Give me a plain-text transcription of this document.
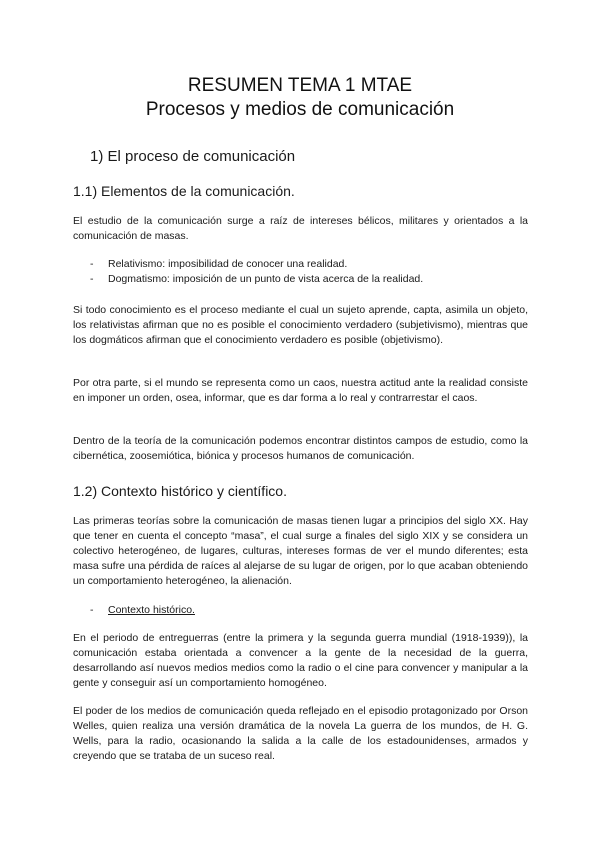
RESUMEN TEMA 1 MTAE
Procesos y medios de comunicación
1) El proceso de comunicación
1.1) Elementos de la comunicación.

El estudio de la comunicación surge a raíz de intereses bélicos, militares y orientados a la comunicación de masas.

- Relativismo: imposibilidad de conocer una realidad.
- Dogmatismo: imposición de un punto de vista acerca de la realidad.

Si todo conocimiento es el proceso mediante el cual un sujeto aprende, capta, asimila un objeto, los relativistas afirman que no es posible el conocimiento verdadero (subjetivismo), mientras que los dogmáticos afirman que el conocimiento verdadero es posible (objetivismo).

Por otra parte, si el mundo se representa como un caos, nuestra actitud ante la realidad consiste en imponer un orden, osea, informar, que es dar forma a lo real y contrarrestar el caos.

Dentro de la teoría de la comunicación podemos encontrar distintos campos de estudio, como la cibernética, zoosemiótica, biónica y procesos humanos de comunicación.

1.2) Contexto histórico y científico.

Las primeras teorías sobre la comunicación de masas tienen lugar a principios del siglo XX. Hay que tener en cuenta el concepto “masa”, el cual surge a finales del siglo XIX y se considera un colectivo heterogéneo, de lugares, culturas, intereses formas de ver el mundo diferentes; esta masa sufre una pérdida de raíces al alejarse de su lugar de origen, por lo que acaban obteniendo un comportamiento heterogéneo, la alienación.

- Contexto histórico.

En el periodo de entreguerras (entre la primera y la segunda guerra mundial (1918-1939)), la comunicación estaba orientada a convencer a la gente de la necesidad de la guerra, desarrollando así nuevos medios medios como la radio o el cine para convencer y manipular a la gente y conseguir así un comportamiento homogéneo.

El poder de los medios de comunicación queda reflejado en el episodio protagonizado por Orson Welles, quien realiza una versión dramática de la novela La guerra de los mundos, de H. G. Wells, para la radio, ocasionando la salida a la calle de los estadounidenses, armados y creyendo que se trataba de un suceso real.
